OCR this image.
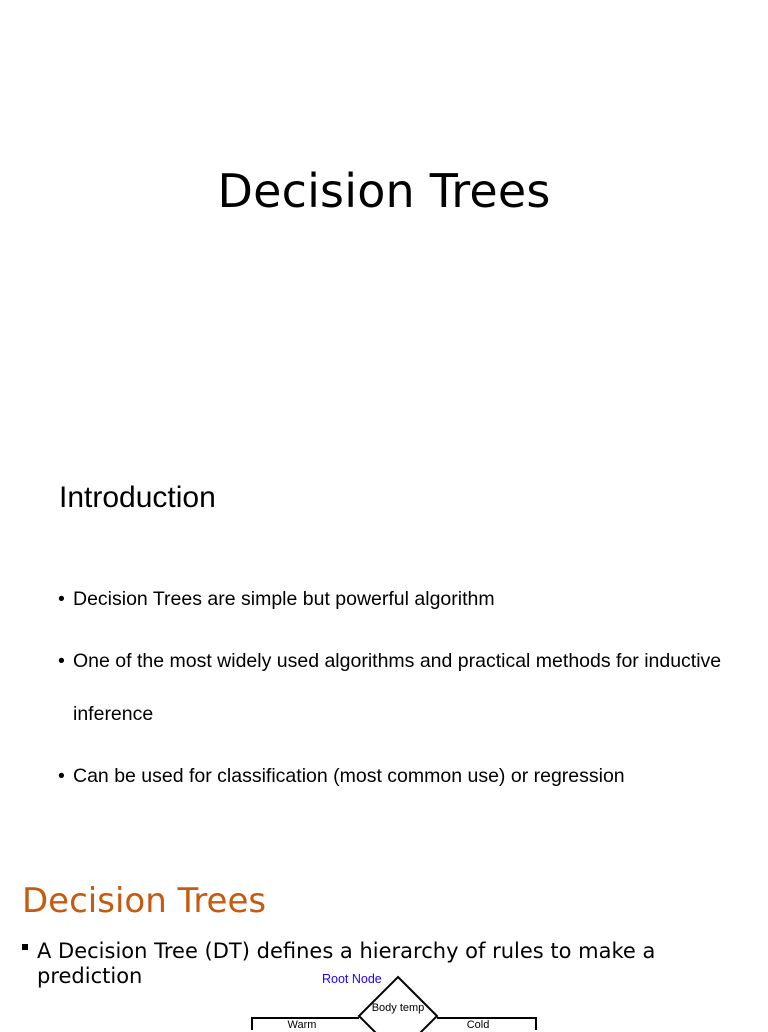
Decision Trees
Introduction
• Decision Trees are simple but powerful algorithm
• One of the most widely used algorithms and practical methods for inductive inference
• Can be used for classification (most common use) or regression
Decision Trees
A Decision Tree (DT) defines a hierarchy of rules to make a prediction	Root Node
Body temp
Warm	Cold
